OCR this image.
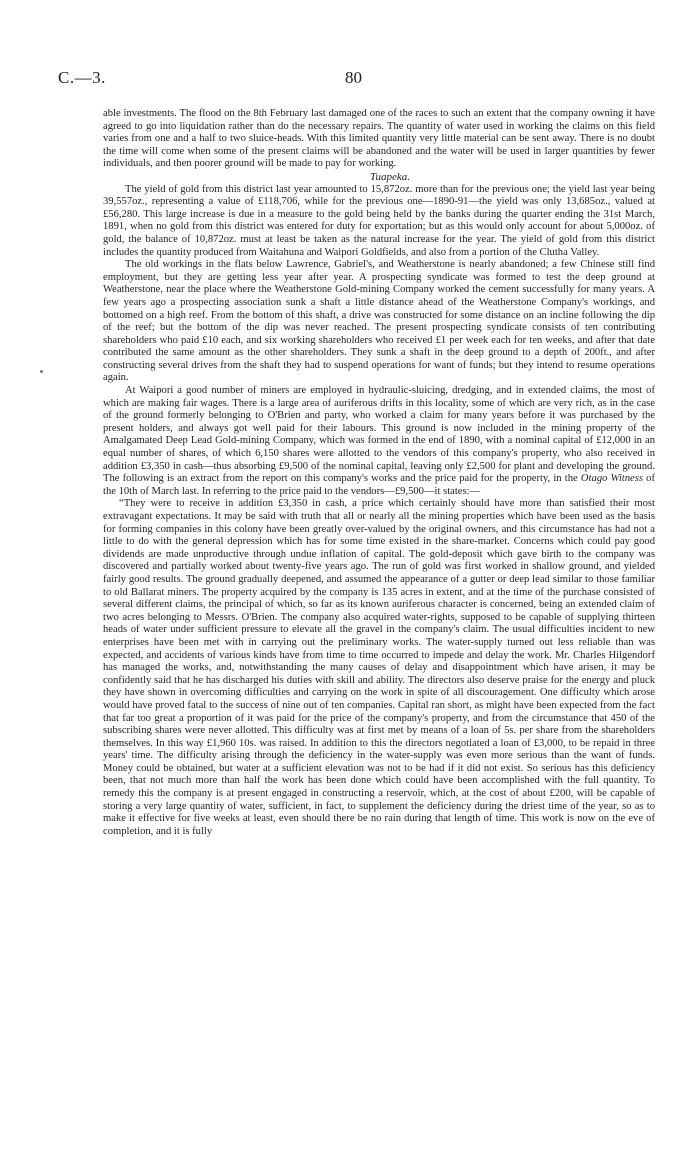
C.—3.	80

able investments. The flood on the 8th February last damaged one of the races to such an extent that the company owning it have agreed to go into liquidation rather than do the necessary repairs. The quantity of water used in working the claims on this field varies from one and a half to two sluice-heads. With this limited quantity very little material can be sent away. There is no doubt the time will come when some of the present claims will be abandoned and the water will be used in larger quantities by fewer individuals, and then poorer ground will be made to pay for working.

Tuapeka.

The yield of gold from this district last year amounted to 15,872oz. more than for the previous one; the yield last year being 39,557oz., representing a value of £118,706, while for the previous one—1890-91—the yield was only 13,685oz., valued at £56,280. This large increase is due in a measure to the gold being held by the banks during the quarter ending the 31st March, 1891, when no gold from this district was entered for duty for exportation; but as this would only account for about 5,000oz. of gold, the balance of 10,872oz. must at least be taken as the natural increase for the year. The yield of gold from this district includes the quantity produced from Waitahuna and Waipori Goldfields, and also from a portion of the Clutha Valley.

The old workings in the flats below Lawrence, Gabriel's, and Weatherstone is nearly abandoned; a few Chinese still find employment, but they are getting less year after year. A prospecting syndicate was formed to test the deep ground at Weatherstone, near the place where the Weatherstone Gold-mining Company worked the cement successfully for many years. A few years ago a prospecting association sunk a shaft a little distance ahead of the Weatherstone Company's workings, and bottomed on a high reef. From the bottom of this shaft, a drive was constructed for some distance on an incline following the dip of the reef; but the bottom of the dip was never reached. The present prospecting syndicate consists of ten contributing shareholders who paid £10 each, and six working shareholders who received £1 per week each for ten weeks, and after that date contributed the same amount as the other shareholders. They sunk a shaft in the deep ground to a depth of 200ft., and after constructing several drives from the shaft they had to suspend operations for want of funds; but they intend to resume operations again.

At Waipori a good number of miners are employed in hydraulic-sluicing, dredging, and in extended claims, the most of which are making fair wages. There is a large area of auriferous drifts in this locality, some of which are very rich, as in the case of the ground formerly belonging to O'Brien and party, who worked a claim for many years before it was purchased by the present holders, and always got well paid for their labours. This ground is now included in the mining property of the Amalgamated Deep Lead Gold-mining Company, which was formed in the end of 1890, with a nominal capital of £12,000 in an equal number of shares, of which 6,150 shares were allotted to the vendors of this company's property, who also received in addition £3,350 in cash—thus absorbing £9,500 of the nominal capital, leaving only £2,500 for plant and developing the ground. The following is an extract from the report on this company's works and the price paid for the property, in the Otago Witness of the 10th of March last. In referring to the price paid to the vendors—£9,500—it states:—

“They were to receive in addition £3,350 in cash, a price which certainly should have more than satisfied their most extravagant expectations. It may be said with truth that all or nearly all the mining properties which have been used as the basis for forming companies in this colony have been greatly over-valued by the original owners, and this circumstance has had not a little to do with the general depression which has for some time existed in the share-market. Concerns which could pay good dividends are made unproductive through undue inflation of capital. The gold-deposit which gave birth to the company was discovered and partially worked about twenty-five years ago. The run of gold was first worked in shallow ground, and yielded fairly good results. The ground gradually deepened, and assumed the appearance of a gutter or deep lead similar to those familiar to old Ballarat miners. The property acquired by the company is 135 acres in extent, and at the time of the purchase consisted of several different claims, the principal of which, so far as its known auriferous character is concerned, being an extended claim of two acres belonging to Messrs. O'Brien. The company also acquired water-rights, supposed to be capable of supplying thirteen heads of water under sufficient pressure to elevate all the gravel in the company's claim. The usual difficulties incident to new enterprises have been met with in carrying out the preliminary works. The water-supply turned out less reliable than was expected, and accidents of various kinds have from time to time occurred to impede and delay the work. Mr. Charles Hilgendorf has managed the works, and, notwithstanding the many causes of delay and disappointment which have arisen, it may be confidently said that he has discharged his duties with skill and ability. The directors also deserve praise for the energy and pluck they have shown in overcoming difficulties and carrying on the work in spite of all discouragement. One difficulty which arose would have proved fatal to the success of nine out of ten companies. Capital ran short, as might have been expected from the fact that far too great a proportion of it was paid for the price of the company's property, and from the circumstance that 450 of the subscribing shares were never allotted. This difficulty was at first met by means of a loan of 5s. per share from the shareholders themselves. In this way £1,960 10s. was raised. In addition to this the directors negotiated a loan of £3,000, to be repaid in three years' time. The difficulty arising through the deficiency in the water-supply was even more serious than the want of funds. Money could be obtained, but water at a sufficient elevation was not to be had if it did not exist. So serious has this deficiency been, that not much more than half the work has been done which could have been accomplished with the full quantity. To remedy this the company is at present engaged in constructing a reservoir, which, at the cost of about £200, will be capable of storing a very large quantity of water, sufficient, in fact, to supplement the deficiency during the driest time of the year, so as to make it effective for five weeks at least, even should there be no rain during that length of time. This work is now on the eve of completion, and it is fully
